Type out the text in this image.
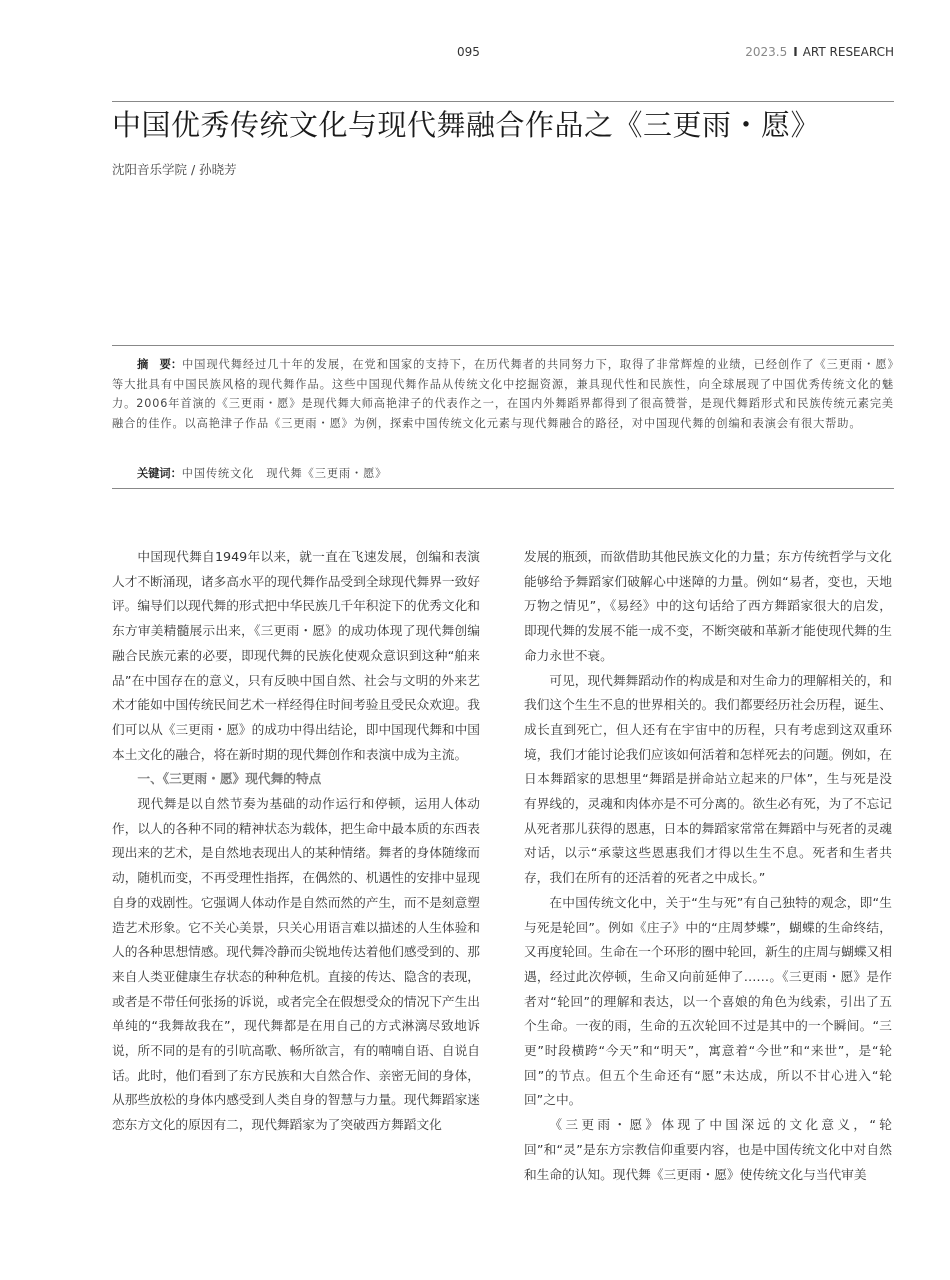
095	2023.5 I ART RESEARCH
中国优秀传统文化与现代舞融合作品之《三更雨・愿》
沈阳音乐学院 / 孙晓芳
摘　要：中国现代舞经过几十年的发展，在党和国家的支持下，在历代舞者的共同努力下，取得了非常辉煌的业绩，已经创作了《三更雨・愿》等大批具有中国民族风格的现代舞作品。这些中国现代舞作品从传统文化中挖掘资源，兼具现代性和民族性，向全球展现了中国优秀传统文化的魅力。2006年首演的《三更雨・愿》是现代舞大师高艳津子的代表作之一，在国内外舞蹈界都得到了很高赞誉，是现代舞蹈形式和民族传统元素完美融合的佳作。以高艳津子作品《三更雨・愿》为例，探索中国传统文化元素与现代舞融合的路径，对中国现代舞的创编和表演会有很大帮助。
关键词：中国传统文化　现代舞《三更雨・愿》

中国现代舞自1949年以来，就一直在飞速发展，创编和表演人才不断涌现，诸多高水平的现代舞作品受到全球现代舞界一致好评。编导们以现代舞的形式把中华民族几千年积淀下的优秀文化和东方审美精髓展示出来，《三更雨・愿》的成功体现了现代舞创编融合民族元素的必要，即现代舞的民族化使观众意识到这种“舶来品”在中国存在的意义，只有反映中国自然、社会与文明的外来艺术才能如中国传统民间艺术一样经得住时间考验且受民众欢迎。我们可以从《三更雨・愿》的成功中得出结论，即中国现代舞和中国本土文化的融合，将在新时期的现代舞创作和表演中成为主流。

一、《三更雨・愿》现代舞的特点

现代舞是以自然节奏为基础的动作运行和停顿，运用人体动作，以人的各种不同的精神状态为载体，把生命中最本质的东西表现出来的艺术，是自然地表现出人的某种情绪。舞者的身体随缘而动，随机而变，不再受理性指挥，在偶然的、机遇性的安排中显现自身的戏剧性。它强调人体动作是自然而然的产生，而不是刻意塑造艺术形象。它不关心美景，只关心用语言难以描述的人生体验和人的各种思想情感。现代舞冷静而尖锐地传达着他们感受到的、那来自人类亚健康生存状态的种种危机。直接的传达、隐含的表现，或者是不带任何张扬的诉说，或者完全在假想受众的情况下产生出单纯的“我舞故我在”，现代舞都是在用自己的方式淋漓尽致地诉说，所不同的是有的引吭高歌、畅所欲言，有的喃喃自语、自说自话。此时，他们看到了东方民族和大自然合作、亲密无间的身体，从那些放松的身体内感受到人类自身的智慧与力量。现代舞蹈家迷恋东方文化的原因有二，现代舞蹈家为了突破西方舞蹈文化

发展的瓶颈，而欲借助其他民族文化的力量；东方传统哲学与文化能够给予舞蹈家们破解心中迷障的力量。例如“易者，变也，天地万物之情见”，《易经》中的这句话给了西方舞蹈家很大的启发，即现代舞的发展不能一成不变，不断突破和革新才能使现代舞的生命力永世不衰。

可见，现代舞舞蹈动作的构成是和对生命力的理解相关的，和我们这个生生不息的世界相关的。我们都要经历社会历程，诞生、成长直到死亡，但人还有在宇宙中的历程，只有考虑到这双重环境，我们才能讨论我们应该如何活着和怎样死去的问题。例如，在日本舞蹈家的思想里“舞蹈是拼命站立起来的尸体”，生与死是没有界线的，灵魂和肉体亦是不可分离的。欲生必有死，为了不忘记从死者那儿获得的恩惠，日本的舞蹈家常常在舞蹈中与死者的灵魂对话，以示“承蒙这些恩惠我们才得以生生不息。死者和生者共存，我们在所有的还活着的死者之中成长。”

在中国传统文化中，关于“生与死”有自己独特的观念，即“生与死是轮回”。例如《庄子》中的“庄周梦蝶”，蝴蝶的生命终结，又再度轮回。生命在一个环形的圈中轮回，新生的庄周与蝴蝶又相遇，经过此次停顿，生命又向前延伸了……。《三更雨・愿》是作者对“轮回”的理解和表达，以一个喜娘的角色为线索，引出了五个生命。一夜的雨，生命的五次轮回不过是其中的一个瞬间。“三更”时段横跨“今天”和“明天”，寓意着“今世”和“来世”，是“轮回”的节点。但五个生命还有“愿”未达成，所以不甘心进入“轮回”之中。

《三更雨・愿》体现了中国深远的文化意义，“轮回”和“灵”是东方宗教信仰重要内容，也是中国传统文化中对自然和生命的认知。现代舞《三更雨・愿》使传统文化与当代审美
